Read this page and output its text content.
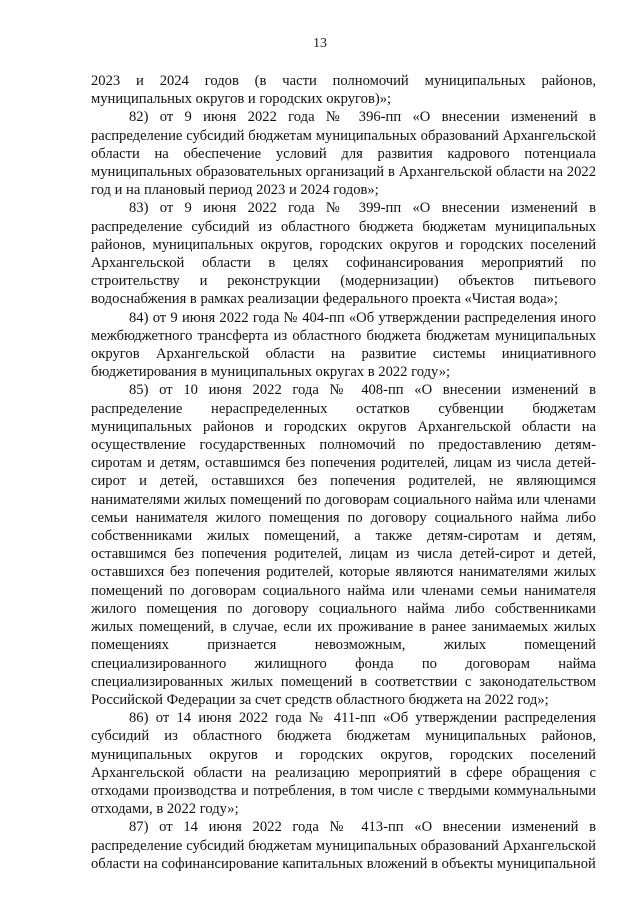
13

2023 и 2024 годов (в части полномочий муниципальных районов, муниципальных округов и городских округов)»;

82) от 9 июня 2022 года № 396-пп «О внесении изменений в распределение субсидий бюджетам муниципальных образований Архангельской области на обеспечение условий для развития кадрового потенциала муниципальных образовательных организаций в Архангельской области на 2022 год и на плановый период 2023 и 2024 годов»;

83) от 9 июня 2022 года № 399-пп «О внесении изменений в распределение субсидий из областного бюджета бюджетам муниципальных районов, муниципальных округов, городских округов и городских поселений Архангельской области в целях софинансирования мероприятий по строительству и реконструкции (модернизации) объектов питьевого водоснабжения в рамках реализации федерального проекта «Чистая вода»;

84) от 9 июня 2022 года № 404-пп «Об утверждении распределения иного межбюджетного трансферта из областного бюджета бюджетам муниципальных округов Архангельской области на развитие системы инициативного бюджетирования в муниципальных округах в 2022 году»;

85) от 10 июня 2022 года № 408-пп «О внесении изменений в распределение нераспределенных остатков субвенции бюджетам муниципальных районов и городских округов Архангельской области на осуществление государственных полномочий по предоставлению детям-сиротам и детям, оставшимся без попечения родителей, лицам из числа детей-сирот и детей, оставшихся без попечения родителей, не являющимся нанимателями жилых помещений по договорам социального найма или членами семьи нанимателя жилого помещения по договору социального найма либо собственниками жилых помещений, а также детям-сиротам и детям, оставшимся без попечения родителей, лицам из числа детей-сирот и детей, оставшихся без попечения родителей, которые являются нанимателями жилых помещений по договорам социального найма или членами семьи нанимателя жилого помещения по договору социального найма либо собственниками жилых помещений, в случае, если их проживание в ранее занимаемых жилых помещениях признается невозможным, жилых помещений специализированного жилищного фонда по договорам найма специализированных жилых помещений в соответствии с законодательством Российской Федерации за счет средств областного бюджета на 2022 год»;

86) от 14 июня 2022 года № 411-пп «Об утверждении распределения субсидий из областного бюджета бюджетам муниципальных районов, муниципальных округов и городских округов, городских поселений Архангельской области на реализацию мероприятий в сфере обращения с отходами производства и потребления, в том числе с твердыми коммунальными отходами, в 2022 году»;

87) от 14 июня 2022 года № 413-пп «О внесении изменений в распределение субсидий бюджетам муниципальных образований Архангельской области на софинансирование капитальных вложений в объекты муниципальной
